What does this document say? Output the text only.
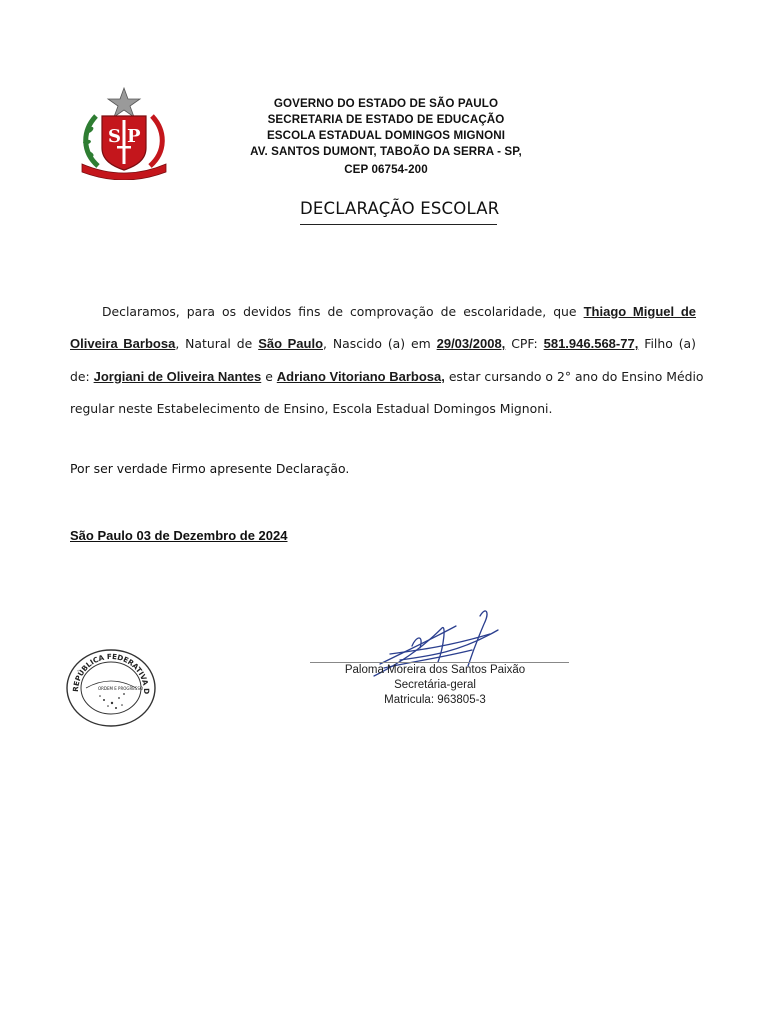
S P
GOVERNO DO ESTADO DE SÃO PAULO
SECRETARIA DE ESTADO DE EDUCAÇÃO
ESCOLA ESTADUAL DOMINGOS MIGNONI
AV. SANTOS DUMONT, TABOÃO DA SERRA - SP,
CEP 06754-200
DECLARAÇÃO ESCOLAR
Declaramos, para os devidos fins de comprovação de escolaridade, que Thiago Miguel de
Oliveira Barbosa, Natural de São Paulo, Nascido (a) em 29/03/2008, CPF: 581.946.568-77, Filho (a)
de: Jorgiani de Oliveira Nantes e Adriano Vitoriano Barbosa, estar cursando o 2° ano do Ensino Médio
regular neste Estabelecimento de Ensino, Escola Estadual Domingos Mignoni.
Por ser verdade Firmo apresente Declaração.
São Paulo 03 de Dezembro de 2024
REPÚBLICA FEDERATIVA D
ORDEM E PROGRESSO
Paloma Moreira dos Santos Paixão
Secretária-geral
Matricula: 963805-3
